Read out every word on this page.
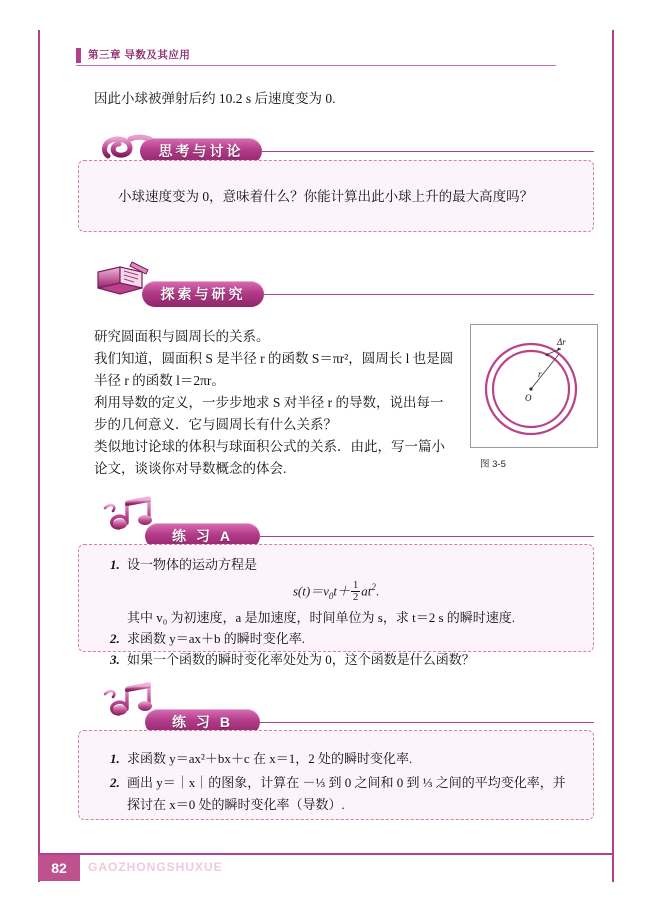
第三章 导数及其应用
因此小球被弹射后约 10.2 s 后速度变为 0.
思考与讨论
小球速度变为 0，意味着什么？你能计算出此小球上升的最大高度吗？
探索与研究
研究圆面积与圆周长的关系。
我们知道，圆面积 S 是半径 r 的函数 S＝πr²，圆周长 l 也是圆半径 r 的函数 l＝2πr。
利用导数的定义，一步步地求 S 对半径 r 的导数，说出每一步的几何意义．它与圆周长有什么关系？
类似地讨论球的体积与球面积公式的关系．由此，写一篇小论文，谈谈你对导数概念的体会.
Δr
r
O
图 3-5
练 习 A
1. 设一物体的运动方程是
$s(t)=v_0t+ \frac{1}{2} at^2$.
其中 v₀ 为初速度，a 是加速度，时间单位为 s，求 t＝2 s 的瞬时速度.
2. 求函数 y＝ax＋b 的瞬时变化率.
3. 如果一个函数的瞬时变化率处处为 0，这个函数是什么函数？
练 习 B
1. 求函数 y＝ax²＋bx＋c 在 x＝1，2 处的瞬时变化率.
2. 画出 y＝｜x｜的图象，计算在 －⅓ 到 0 之间和 0 到 ⅓ 之间的平均变化率，并
探讨在 x＝0 处的瞬时变化率（导数）.
82	GAOZHONGSHUXUE
